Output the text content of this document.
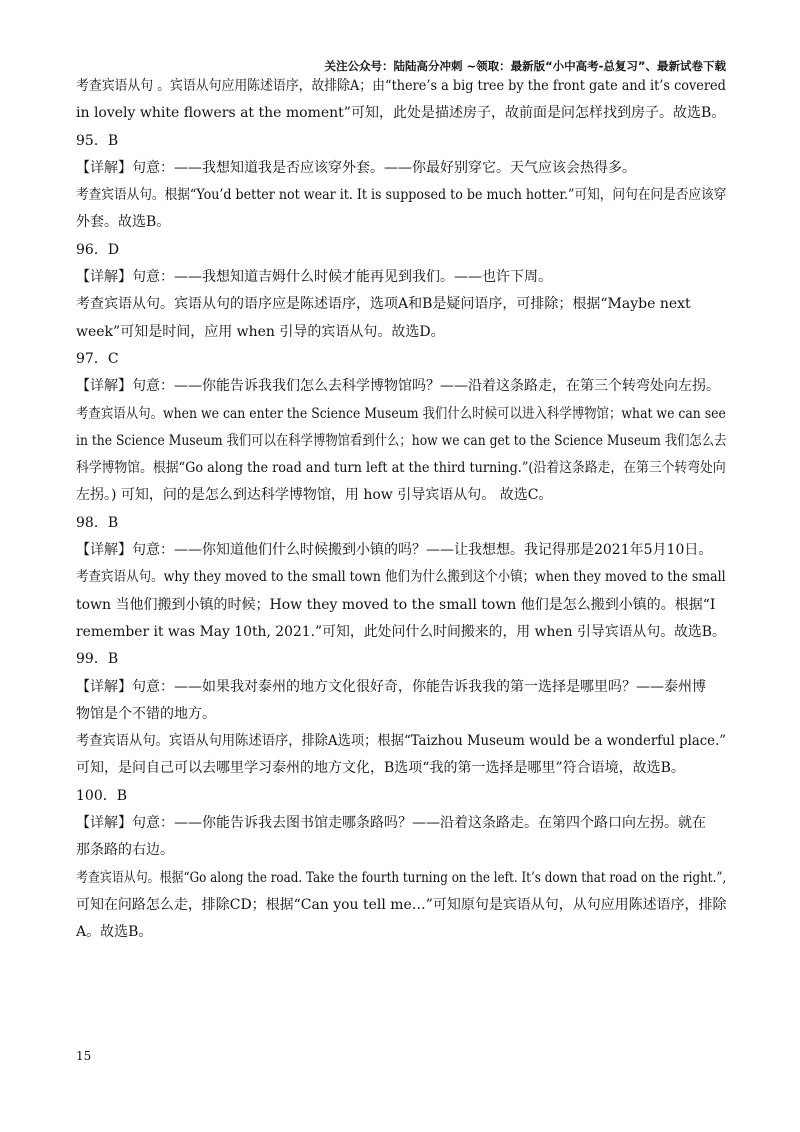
关注公众号：陆陆高分冲刺 ~领取：最新版“小中高考-总复习”、最新试卷下载
考查宾语从句 。宾语从句应用陈述语序，故排除A；由“there’s a big tree by the front gate and it’s covered
in lovely white flowers at the moment”可知，此处是描述房子，故前面是问怎样找到房子。故选B。
95．B
【详解】句意：——我想知道我是否应该穿外套。——你最好别穿它。天气应该会热得多。
考查宾语从句。根据“You’d better not wear it. It is supposed to be much hotter.”可知，问句在问是否应该穿
外套。故选B。
96．D
【详解】句意：——我想知道吉姆什么时候才能再见到我们。——也许下周。
考查宾语从句。宾语从句的语序应是陈述语序，选项A和B是疑问语序，可排除；根据“Maybe next
week”可知是时间，应用 when 引导的宾语从句。故选D。
97．C
【详解】句意：——你能告诉我我们怎么去科学博物馆吗？——沿着这条路走，在第三个转弯处向左拐。
考查宾语从句。when we can enter the Science Museum 我们什么时候可以进入科学博物馆；what we can see
in the Science Museum 我们可以在科学博物馆看到什么；how we can get to the Science Museum 我们怎么去
科学博物馆。根据“Go along the road and turn left at the third turning.”(沿着这条路走，在第三个转弯处向
左拐。) 可知，问的是怎么到达科学博物馆，用 how 引导宾语从句。 故选C。
98．B
【详解】句意：——你知道他们什么时候搬到小镇的吗？——让我想想。我记得那是2021年5月10日。
考查宾语从句。why they moved to the small town 他们为什么搬到这个小镇；when they moved to the small
town 当他们搬到小镇的时候；How they moved to the small town 他们是怎么搬到小镇的。根据“I
remember it was May 10th, 2021.”可知，此处问什么时间搬来的，用 when 引导宾语从句。故选B。
99．B
【详解】句意：——如果我对泰州的地方文化很好奇，你能告诉我我的第一选择是哪里吗？——泰州博
物馆是个不错的地方。
考查宾语从句。宾语从句用陈述语序，排除A选项；根据“Taizhou Museum would be a wonderful place.”
可知，是问自己可以去哪里学习泰州的地方文化，B选项“我的第一选择是哪里”符合语境，故选B。
100．B
【详解】句意：——你能告诉我去图书馆走哪条路吗？——沿着这条路走。在第四个路口向左拐。就在
那条路的右边。
考查宾语从句。根据“Go along the road. Take the fourth turning on the left. It’s down that road on the right.”,
可知在问路怎么走，排除CD；根据“Can you tell me…”可知原句是宾语从句，从句应用陈述语序，排除
A。故选B。
15
